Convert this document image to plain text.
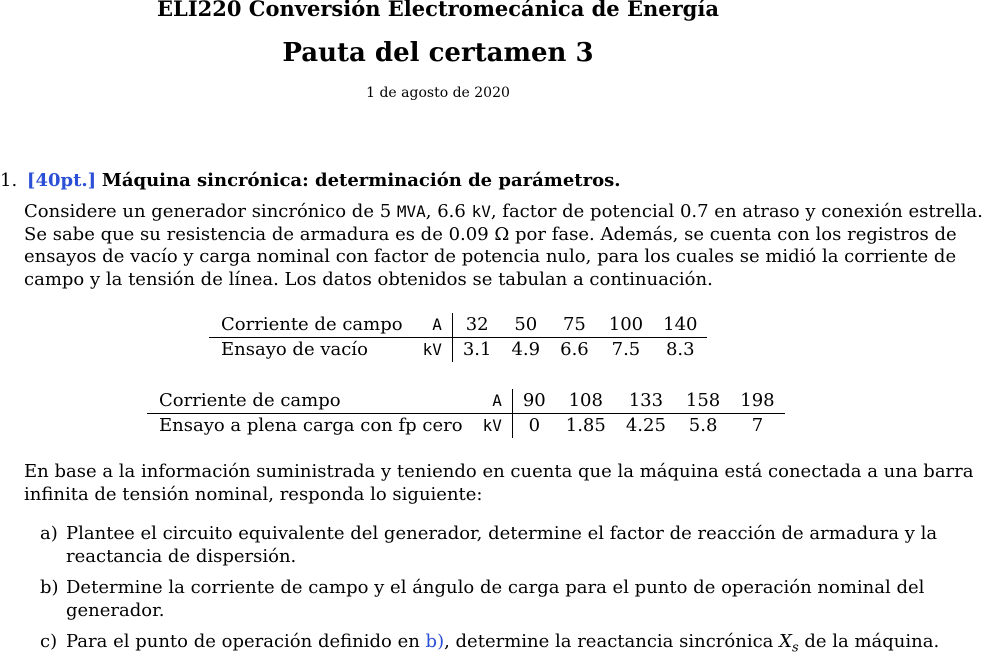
ELI220 Conversión Electromecánica de Energía
Pauta del certamen 3
1 de agosto de 2020
1. [40pt.] Máquina sincrónica: determinación de parámetros.
Considere un generador sincrónico de 5 MVA, 6.6 kV, factor de potencial 0.7 en atraso y conexión estrella.
Se sabe que su resistencia de armadura es de 0.09 Ω por fase. Además, se cuenta con los registros de
ensayos de vacío y carga nominal con factor de potencia nulo, para los cuales se midió la corriente de
campo y la tensión de línea. Los datos obtenidos se tabulan a continuación.
Corriente de campo	A	32	50	75	100	140
Ensayo de vacío	kV	3.1	4.9	6.6	7.5	8.3
Corriente de campo	A	90	108	133	158	198
Ensayo a plena carga con fp cero	kV	0	1.85	4.25	5.8	7
En base a la información suministrada y teniendo en cuenta que la máquina está conectada a una barra
infinita de tensión nominal, responda lo siguiente:
a) Plantee el circuito equivalente del generador, determine el factor de reacción de armadura y la
reactancia de dispersión.
b) Determine la corriente de campo y el ángulo de carga para el punto de operación nominal del
generador.
c) Para el punto de operación definido en b), determine la reactancia sincrónica $X_s$ de la máquina.
